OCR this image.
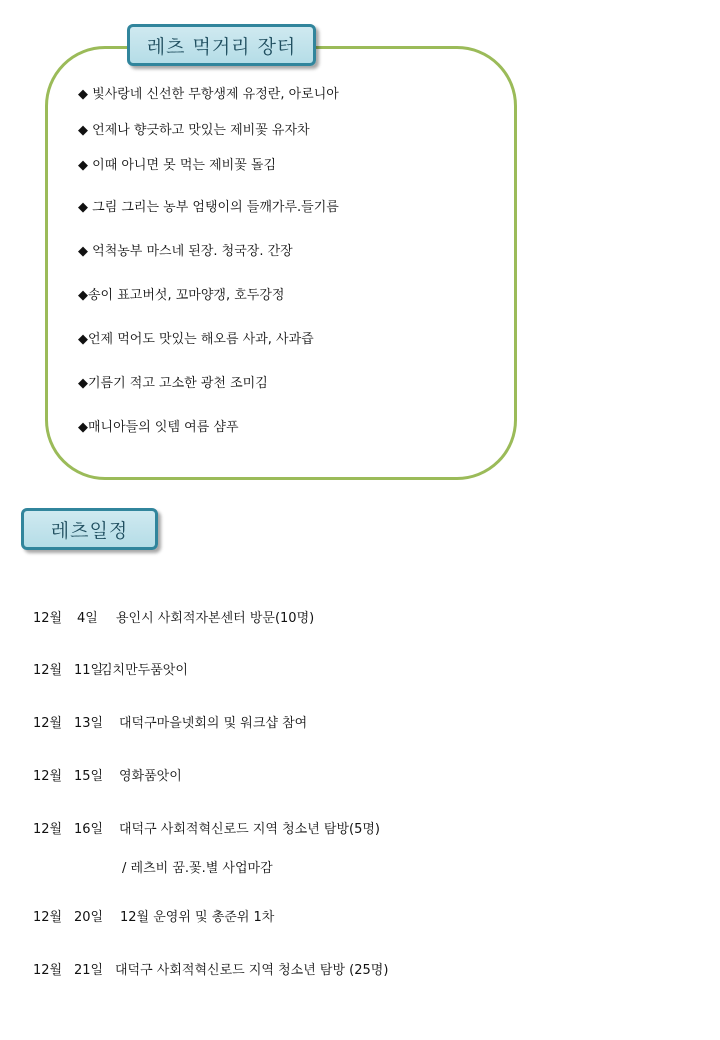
레츠 먹거리 장터
◆ 빛사랑네 신선한 무항생제 유정란, 아로니아
◆ 언제나 향긋하고 맛있는 제비꽃 유자차
◆ 이때 아니면 못 먹는 제비꽃 돌김
◆ 그림 그리는 농부 엄탱이의 들깨가루.들기름
◆ 억척농부 마스네 된장. 청국장. 간장
◆송이 표고버섯, 꼬마양갱, 호두강정
◆언제 먹어도 맛있는 해오름 사과, 사과즙
◆기름기 적고 고소한 광천 조미김
◆매니아들의 잇템 여름 샴푸
레츠일정
12월 4일 용인시 사회적자본센터 방문(10명)
12월 11일김치만두품앗이
12월 13일 대덕구마을넷회의 및 워크샵 참여
12월 15일 영화품앗이
12월 16일 대덕구 사회적혁신로드 지역 청소년 탐방(5명)
/ 레츠비 꿈.꽃.별 사업마감
12월 20일 12월 운영위 및 총준위 1차
12월 21일 대덕구 사회적혁신로드 지역 청소년 탐방 (25명)
